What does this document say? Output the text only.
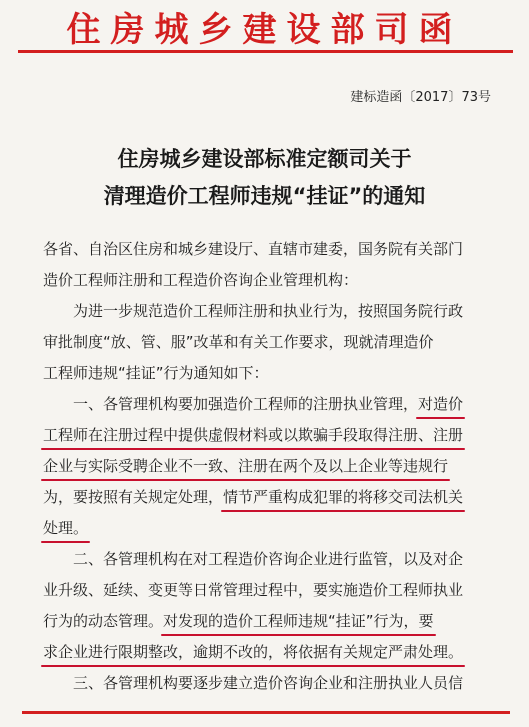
住房城乡建设部司函
建标造函〔2017〕73号
住房城乡建设部标准定额司关于
清理造价工程师违规“挂证”的通知
各省、自治区住房和城乡建设厅、直辖市建委，国务院有关部门
造价工程师注册和工程造价咨询企业管理机构：
为进一步规范造价工程师注册和执业行为，按照国务院行政
审批制度“放、管、服”改革和有关工作要求，现就清理造价
工程师违规“挂证”行为通知如下：
一、各管理机构要加强造价工程师的注册执业管理，对造价
工程师在注册过程中提供虚假材料或以欺骗手段取得注册、注册
企业与实际受聘企业不一致、注册在两个及以上企业等违规行
为，要按照有关规定处理，情节严重构成犯罪的将移交司法机关
处理。
二、各管理机构在对工程造价咨询企业进行监管，以及对企
业升级、延续、变更等日常管理过程中，要实施造价工程师执业
行为的动态管理。对发现的造价工程师违规“挂证”行为，要
求企业进行限期整改，逾期不改的，将依据有关规定严肃处理。
三、各管理机构要逐步建立造价咨询企业和注册执业人员信
